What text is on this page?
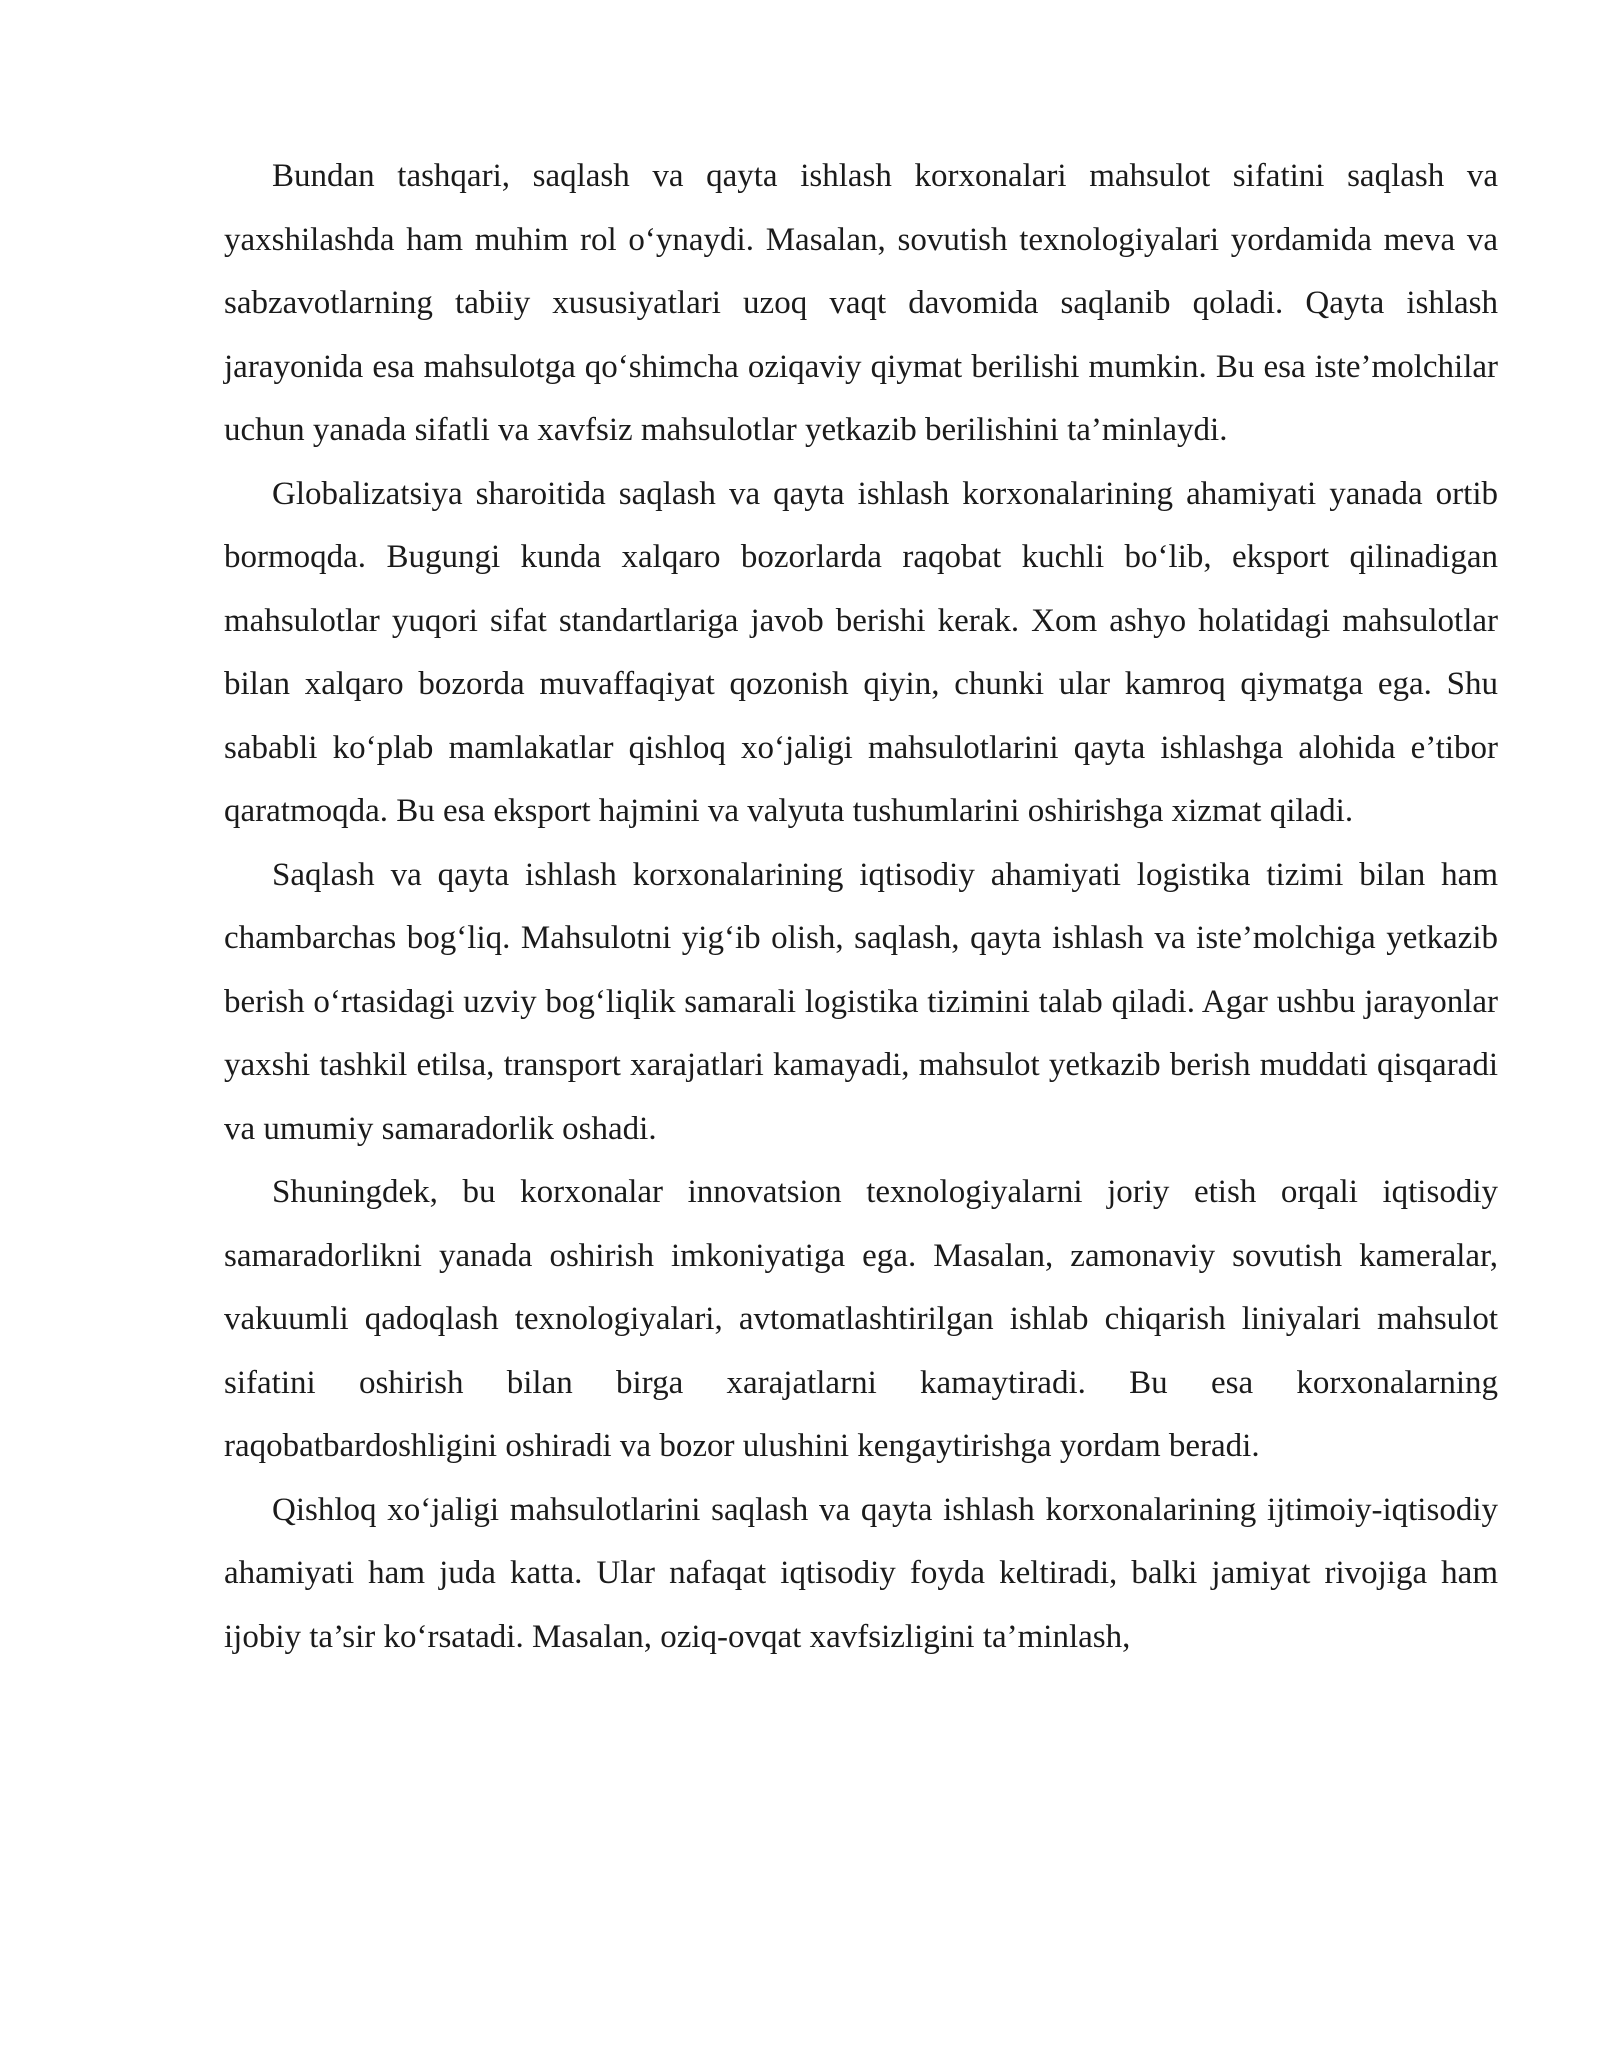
Bundan tashqari, saqlash va qayta ishlash korxonalari mahsulot sifatini saqlash va yaxshilashda ham muhim rol o‘ynaydi. Masalan, sovutish texnologiyalari yordamida meva va sabzavotlarning tabiiy xususiyatlari uzoq vaqt davomida saqlanib qoladi. Qayta ishlash jarayonida esa mahsulotga qo‘shimcha oziqaviy qiymat berilishi mumkin. Bu esa iste’molchilar uchun yanada sifatli va xavfsiz mahsulotlar yetkazib berilishini ta’minlaydi.

Globalizatsiya sharoitida saqlash va qayta ishlash korxonalarining ahamiyati yanada ortib bormoqda. Bugungi kunda xalqaro bozorlarda raqobat kuchli bo‘lib, eksport qilinadigan mahsulotlar yuqori sifat standartlariga javob berishi kerak. Xom ashyo holatidagi mahsulotlar bilan xalqaro bozorda muvaffaqiyat qozonish qiyin, chunki ular kamroq qiymatga ega. Shu sababli ko‘plab mamlakatlar qishloq xo‘jaligi mahsulotlarini qayta ishlashga alohida e’tibor qaratmoqda. Bu esa eksport hajmini va valyuta tushumlarini oshirishga xizmat qiladi.

Saqlash va qayta ishlash korxonalarining iqtisodiy ahamiyati logistika tizimi bilan ham chambarchas bog‘liq. Mahsulotni yig‘ib olish, saqlash, qayta ishlash va iste’molchiga yetkazib berish o‘rtasidagi uzviy bog‘liqlik samarali logistika tizimini talab qiladi. Agar ushbu jarayonlar yaxshi tashkil etilsa, transport xarajatlari kamayadi, mahsulot yetkazib berish muddati qisqaradi va umumiy samaradorlik oshadi.

Shuningdek, bu korxonalar innovatsion texnologiyalarni joriy etish orqali iqtisodiy samaradorlikni yanada oshirish imkoniyatiga ega. Masalan, zamonaviy sovutish kameralar, vakuumli qadoqlash texnologiyalari, avtomatlashtirilgan ishlab chiqarish liniyalari mahsulot sifatini oshirish bilan birga xarajatlarni kamaytiradi. Bu esa korxonalarning raqobatbardoshligini oshiradi va bozor ulushini kengaytirishga yordam beradi.

Qishloq xo‘jaligi mahsulotlarini saqlash va qayta ishlash korxonalarining ijtimoiy-iqtisodiy ahamiyati ham juda katta. Ular nafaqat iqtisodiy foyda keltiradi, balki jamiyat rivojiga ham ijobiy ta’sir ko‘rsatadi. Masalan, oziq-ovqat xavfsizligini ta’minlash,
